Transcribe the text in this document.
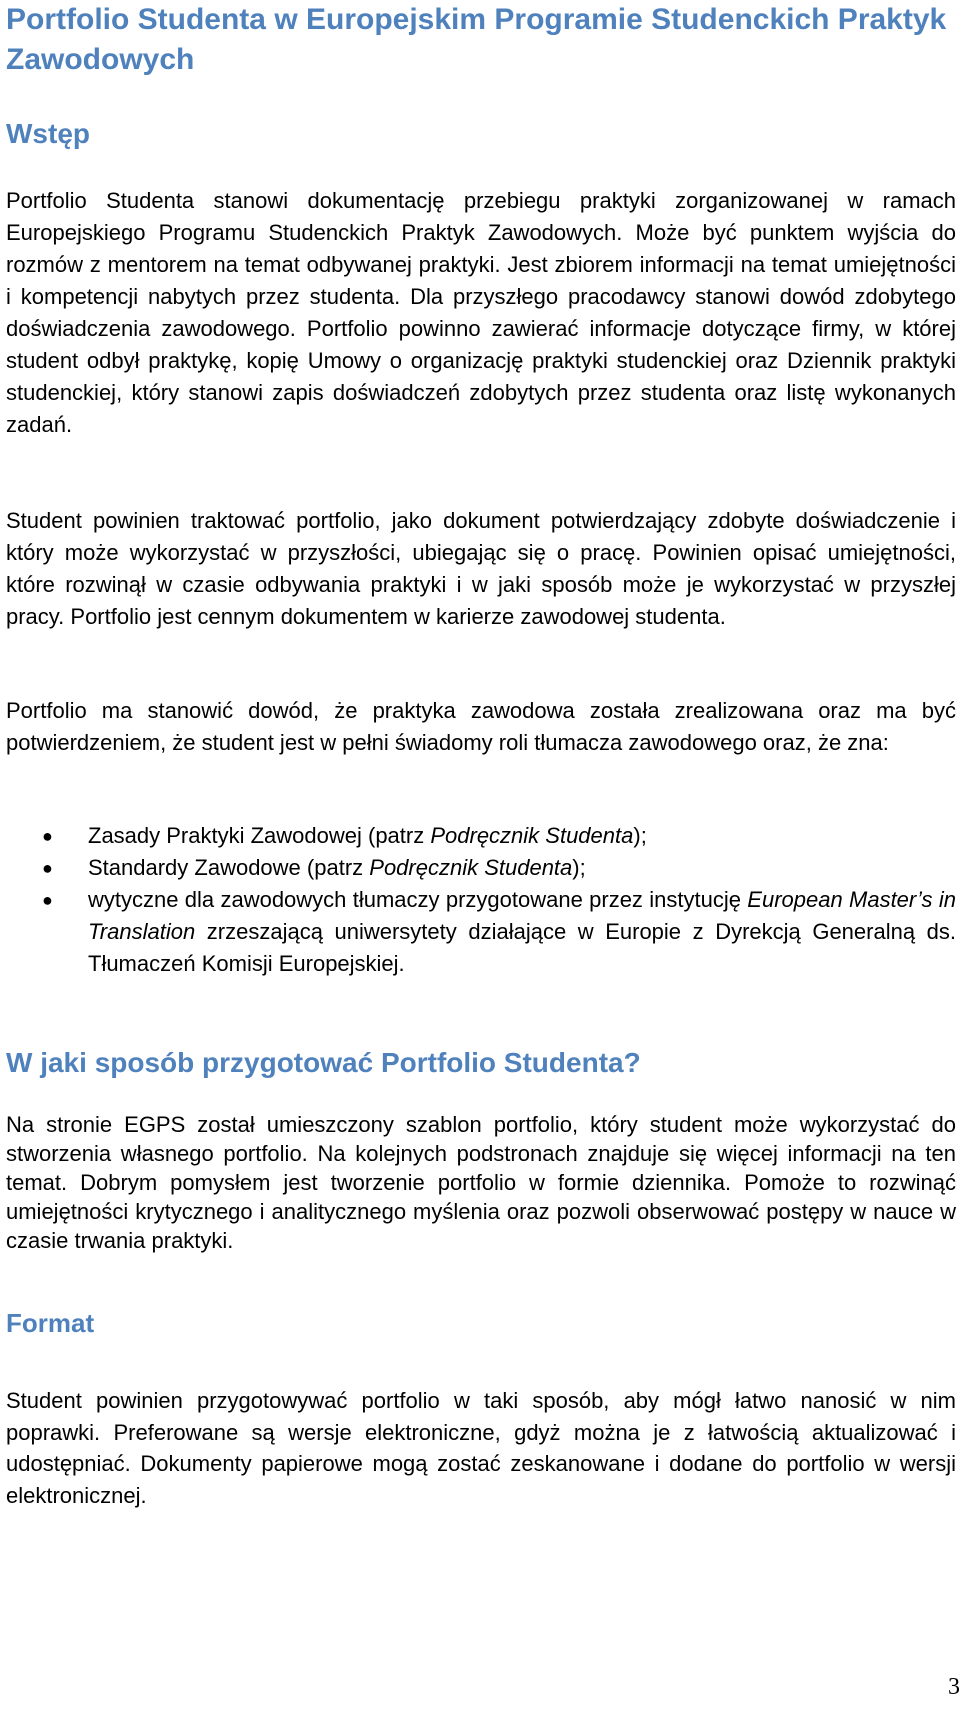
Portfolio Studenta w Europejskim Programie Studenckich Praktyk Zawodowych
Wstęp

Portfolio Studenta stanowi dokumentację przebiegu praktyki zorganizowanej w ramach Europejskiego Programu Studenckich Praktyk Zawodowych. Może być punktem wyjścia do rozmów z mentorem na temat odbywanej praktyki. Jest zbiorem informacji na temat umiejętności i kompetencji nabytych przez studenta. Dla przyszłego pracodawcy stanowi dowód zdobytego doświadczenia zawodowego. Portfolio powinno zawierać informacje dotyczące firmy, w której student odbył praktykę, kopię Umowy o organizację praktyki studenckiej oraz Dziennik praktyki studenckiej, który stanowi zapis doświadczeń zdobytych przez studenta oraz listę wykonanych zadań.

Student powinien traktować portfolio, jako dokument potwierdzający zdobyte doświadczenie i który może wykorzystać w przyszłości, ubiegając się o pracę. Powinien opisać umiejętności, które rozwinął w czasie odbywania praktyki i w jaki sposób może je wykorzystać w przyszłej pracy. Portfolio jest cennym dokumentem w karierze zawodowej studenta.

Portfolio ma stanowić dowód, że praktyka zawodowa została zrealizowana oraz ma być potwierdzeniem, że student jest w pełni świadomy roli tłumacza zawodowego oraz, że zna:

● Zasady Praktyki Zawodowej (patrz Podręcznik Studenta);
● Standardy Zawodowe (patrz Podręcznik Studenta);
● wytyczne dla zawodowych tłumaczy przygotowane przez instytucję European Master’s in Translation zrzeszającą uniwersytety działające w Europie z Dyrekcją Generalną ds. Tłumaczeń Komisji Europejskiej.
W jaki sposób przygotować Portfolio Studenta?

Na stronie EGPS został umieszczony szablon portfolio, który student może wykorzystać do stworzenia własnego portfolio. Na kolejnych podstronach znajduje się więcej informacji na ten temat. Dobrym pomysłem jest tworzenie portfolio w formie dziennika. Pomoże to rozwinąć umiejętności krytycznego i analitycznego myślenia oraz pozwoli obserwować postępy w nauce w czasie trwania praktyki.

Format

Student powinien przygotowywać portfolio w taki sposób, aby mógł łatwo nanosić w nim poprawki. Preferowane są wersje elektroniczne, gdyż można je z łatwością aktualizować i udostępniać. Dokumenty papierowe mogą zostać zeskanowane i dodane do portfolio w wersji elektronicznej.

3
